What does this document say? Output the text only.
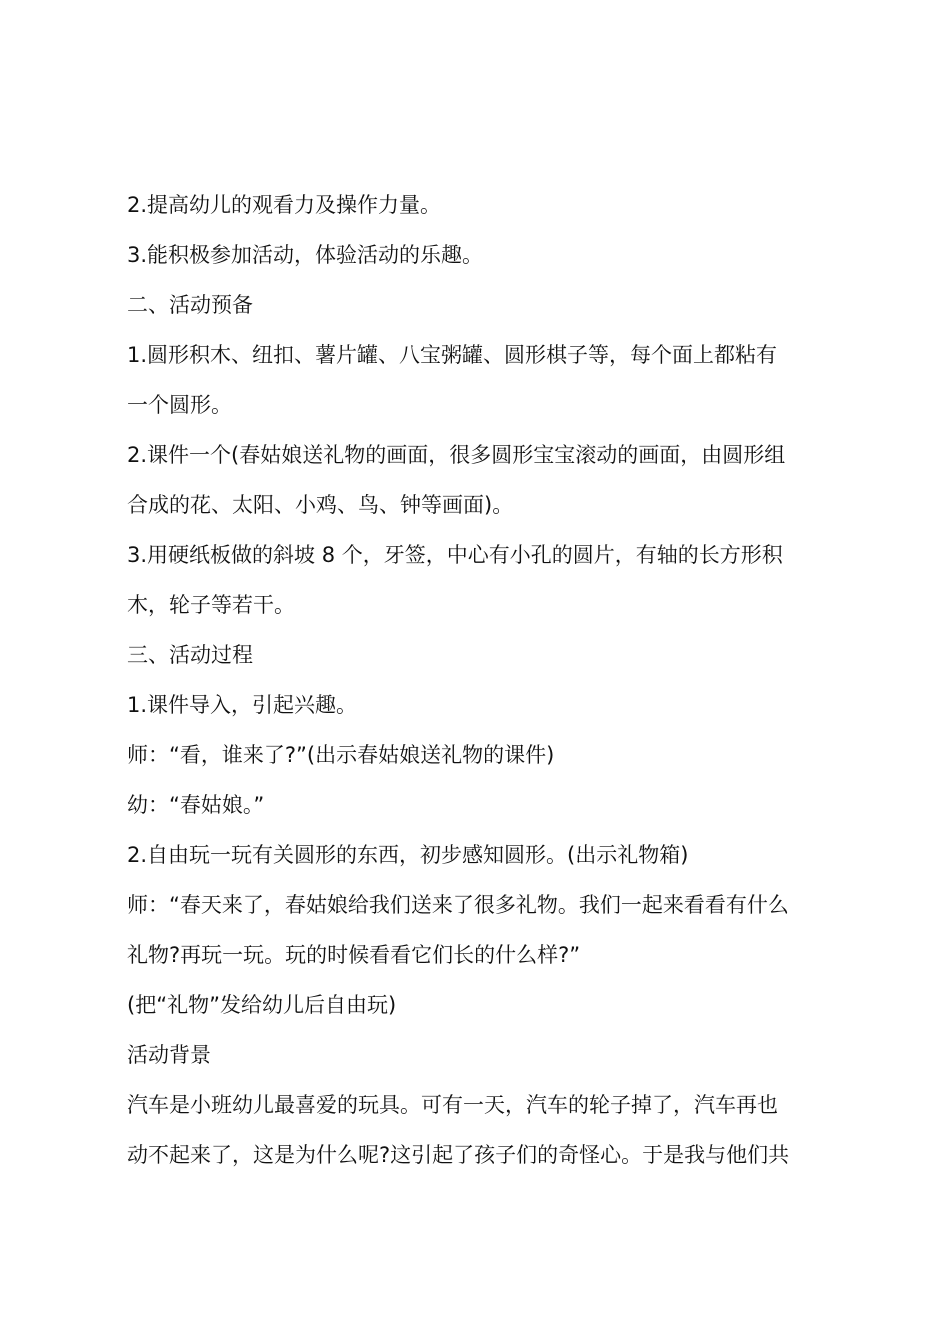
2.提高幼儿的观看力及操作力量。
3.能积极参加活动，体验活动的乐趣。
二、活动预备
1.圆形积木、纽扣、薯片罐、八宝粥罐、圆形棋子等，每个面上都粘有
一个圆形。
2.课件一个(春姑娘送礼物的画面，很多圆形宝宝滚动的画面，由圆形组
合成的花、太阳、小鸡、鸟、钟等画面)。
3.用硬纸板做的斜坡 8 个，牙签，中心有小孔的圆片，有轴的长方形积
木，轮子等若干。
三、活动过程
1.课件导入，引起兴趣。
师：“看，谁来了?”(出示春姑娘送礼物的课件)
幼：“春姑娘。”
2.自由玩一玩有关圆形的东西，初步感知圆形。(出示礼物箱)
师：“春天来了，春姑娘给我们送来了很多礼物。我们一起来看看有什么
礼物?再玩一玩。玩的时候看看它们长的什么样?”
(把“礼物”发给幼儿后自由玩)
活动背景
汽车是小班幼儿最喜爱的玩具。可有一天，汽车的轮子掉了，汽车再也
动不起来了，这是为什么呢?这引起了孩子们的奇怪心。于是我与他们共
